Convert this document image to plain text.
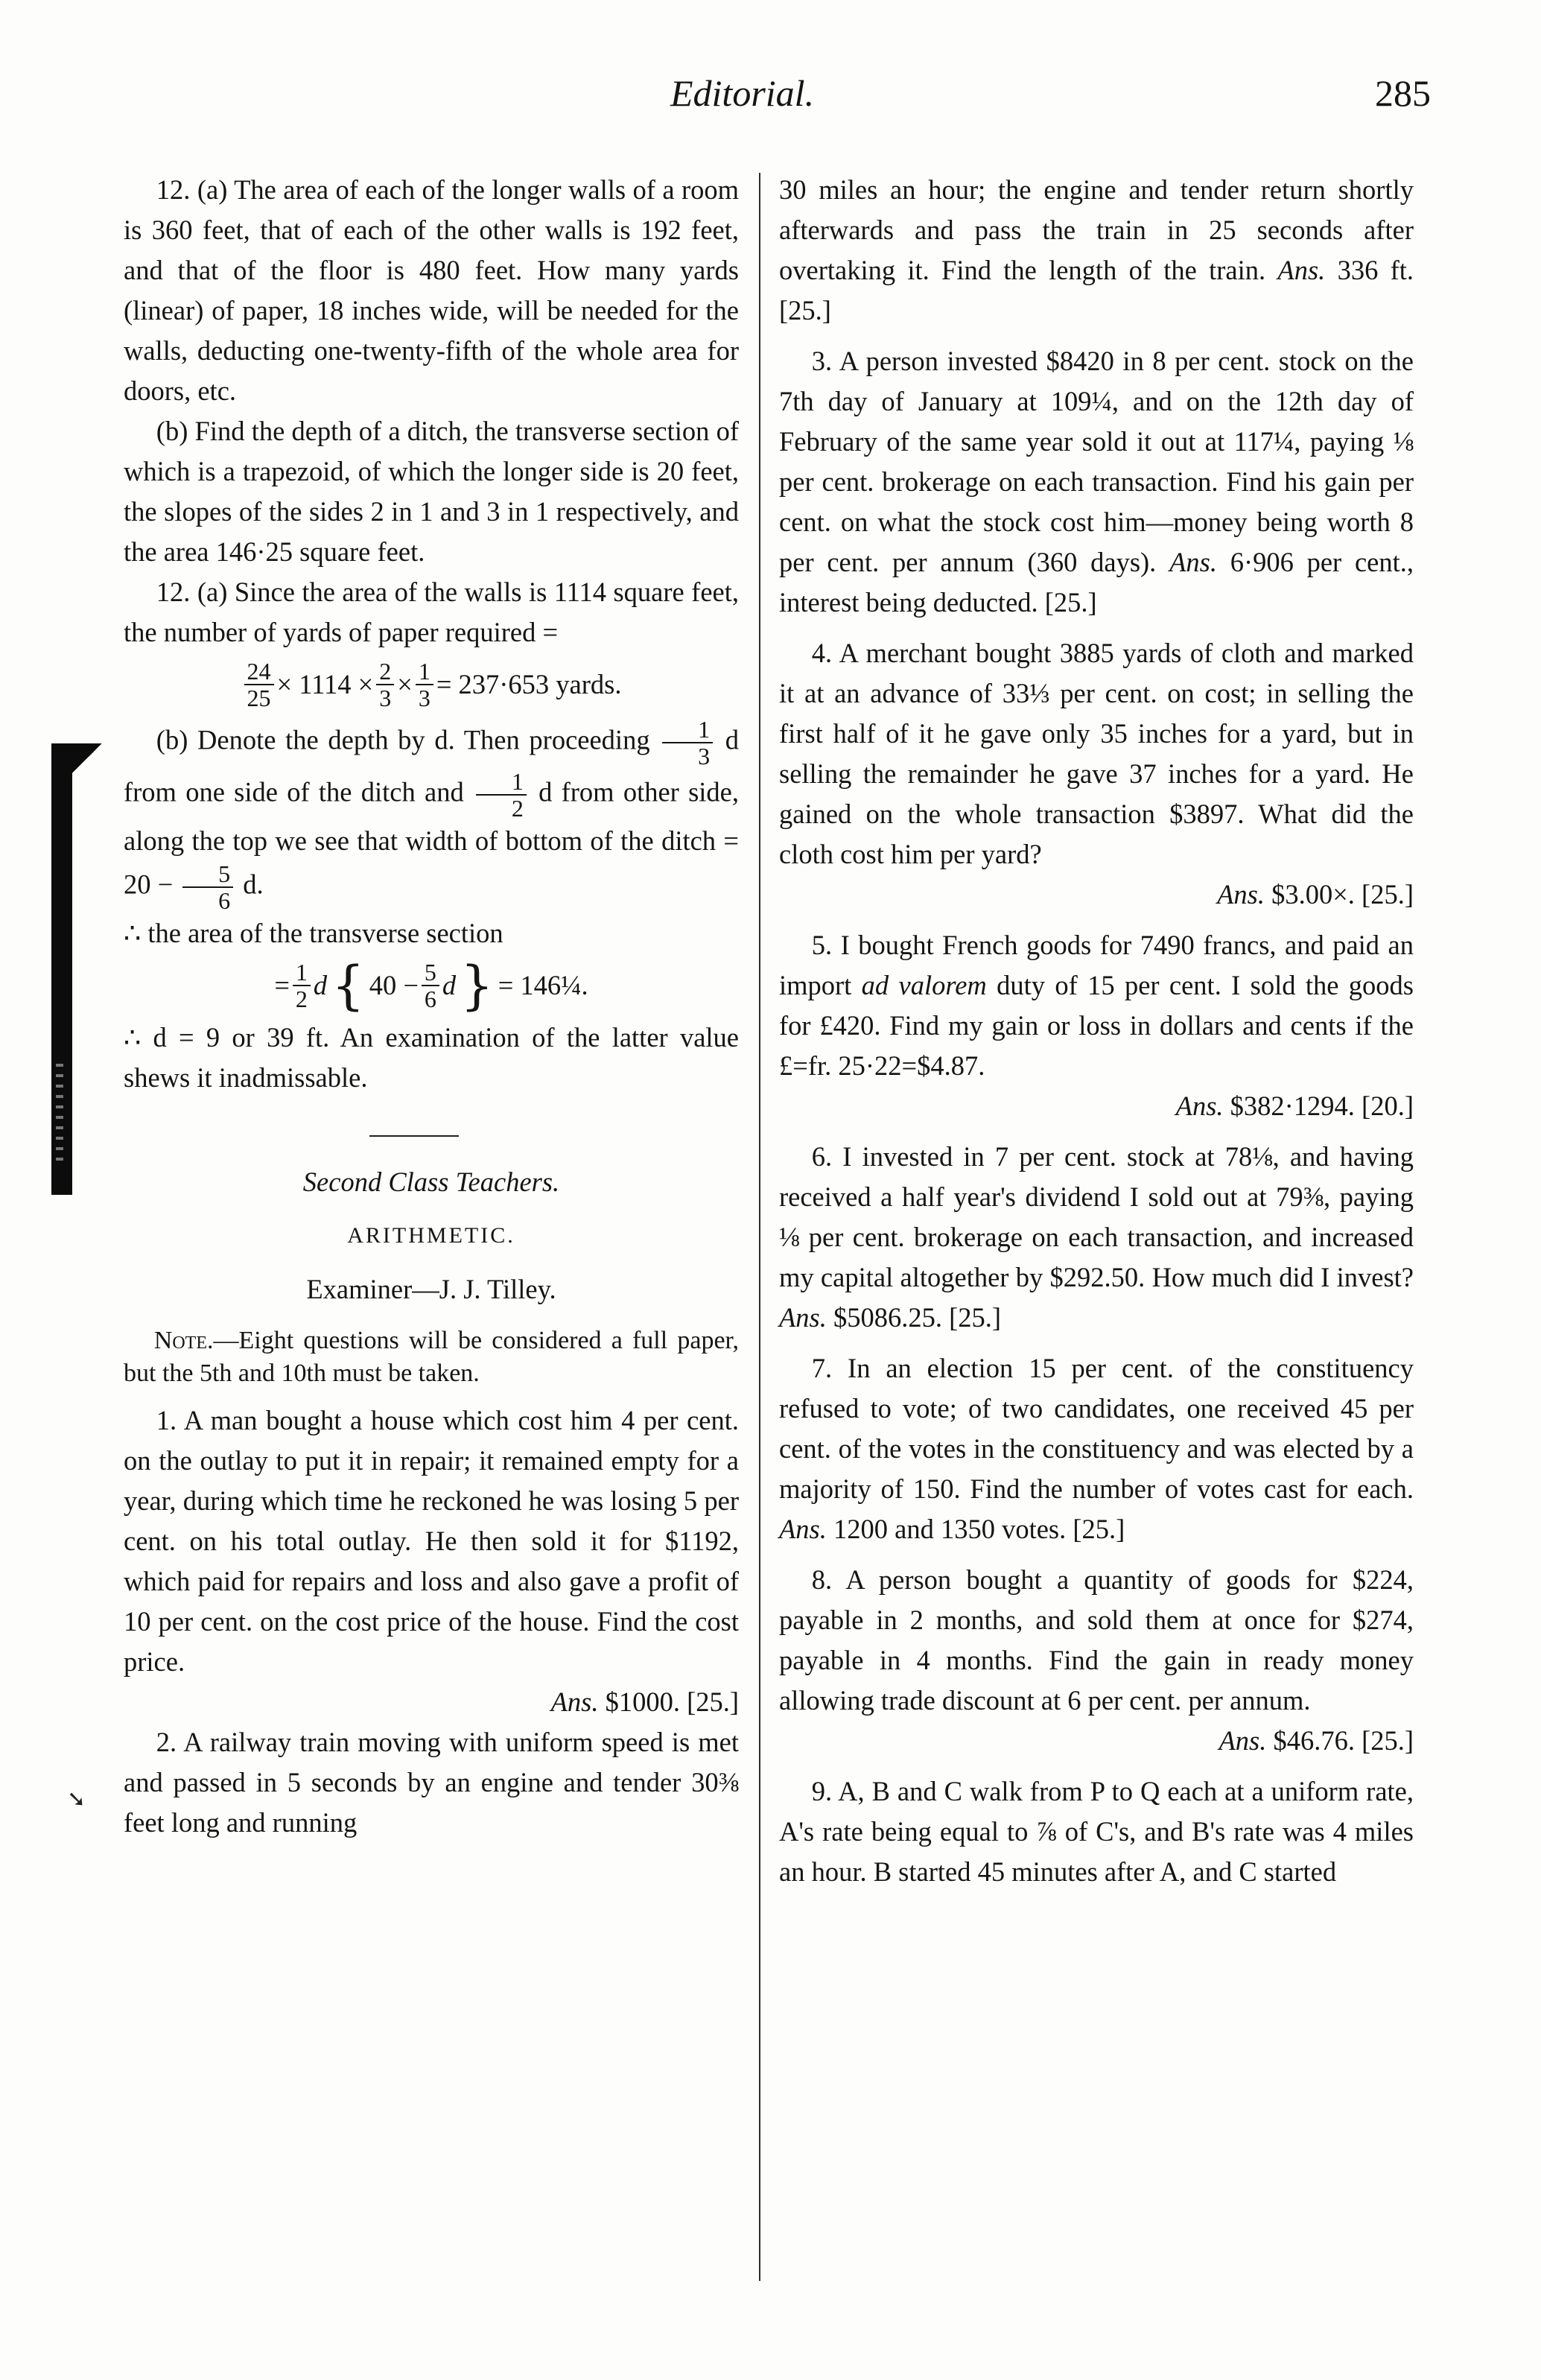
Editorial.	285
➘

12. (a) The area of each of the longer walls of a room is 360 feet, that of each of the other walls is 192 feet, and that of the floor is 480 feet. How many yards (linear) of paper, 18 inches wide, will be needed for the walls, deducting one-twenty-fifth of the whole area for doors, etc.

(b) Find the depth of a ditch, the transverse section of which is a trapezoid, of which the longer side is 20 feet, the slopes of the sides 2 in 1 and 3 in 1 respectively, and the area 146·25 square feet.

12. (a) Since the area of the walls is 1114 square feet, the number of yards of paper required =

$\frac{24}{25} \times 1114 \times \frac{2}{3} \times \frac{1}{3} = 237\cdot 653$ yards.

(b) Denote the depth by d. Then proceeding $\frac{1}{3}$ d from one side of the ditch and $\frac{1}{2}$ d from other side, along the top we see that width of bottom of the ditch = $20 - \frac{5}{6} d$.

∴ the area of the transverse section

= $\frac{1}{2}$ d { $40 - \frac{5}{6}$ d } = 146¼.

∴ d = 9 or 39 ft. An examination of the latter value shews it inadmissable.

Second Class Teachers.

ARITHMETIC.

Examiner—J. J. Tilley.

Note.—Eight questions will be considered a full paper, but the 5th and 10th must be taken.

1. A man bought a house which cost him 4 per cent. on the outlay to put it in repair; it remained empty for a year, during which time he reckoned he was losing 5 per cent. on his total outlay. He then sold it for $1192, which paid for repairs and loss and also gave a profit of 10 per cent. on the cost price of the house. Find the cost price.

Ans. $1000. [25.]

2. A railway train moving with uniform speed is met and passed in 5 seconds by an engine and tender 30⅜ feet long and running

30 miles an hour; the engine and tender return shortly afterwards and pass the train in 25 seconds after overtaking it. Find the length of the train. Ans. 336 ft. [25.]

3. A person invested $8420 in 8 per cent. stock on the 7th day of January at 109¼, and on the 12th day of February of the same year sold it out at 117¼, paying ⅛ per cent. brokerage on each transaction. Find his gain per cent. on what the stock cost him—money being worth 8 per cent. per annum (360 days). Ans. 6·906 per cent., interest being deducted. [25.]

4. A merchant bought 3885 yards of cloth and marked it at an advance of 33⅓ per cent. on cost; in selling the first half of it he gave only 35 inches for a yard, but in selling the remainder he gave 37 inches for a yard. He gained on the whole transaction $3897. What did the cloth cost him per yard?

Ans. $3.00×. [25.]

5. I bought French goods for 7490 francs, and paid an import ad valorem duty of 15 per cent. I sold the goods for £420. Find my gain or loss in dollars and cents if the £=fr. 25·22=$4.87.

Ans. $382·1294. [20.]

6. I invested in 7 per cent. stock at 78⅛, and having received a half year's dividend I sold out at 79⅜, paying ⅛ per cent. brokerage on each transaction, and increased my capital altogether by $292.50. How much did I invest? Ans. $5086.25. [25.]

7. In an election 15 per cent. of the constituency refused to vote; of two candidates, one received 45 per cent. of the votes in the constituency and was elected by a majority of 150. Find the number of votes cast for each. Ans. 1200 and 1350 votes. [25.]

8. A person bought a quantity of goods for $224, payable in 2 months, and sold them at once for $274, payable in 4 months. Find the gain in ready money allowing trade discount at 6 per cent. per annum.

Ans. $46.76. [25.]

9. A, B and C walk from P to Q each at a uniform rate, A's rate being equal to ⅞ of C's, and B's rate was 4 miles an hour. B started 45 minutes after A, and C started
